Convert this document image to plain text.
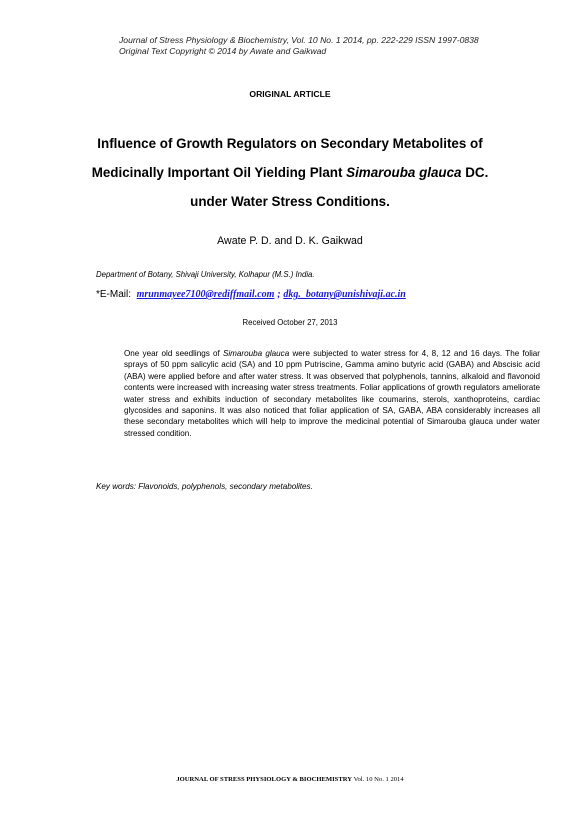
Journal of Stress Physiology & Biochemistry, Vol. 10 No. 1 2014, pp. 222-229 ISSN 1997-0838
Original Text Copyright © 2014 by Awate and Gaikwad
ORIGINAL ARTICLE
Influence of Growth Regulators on Secondary Metabolites of
Medicinally Important Oil Yielding Plant Simarouba glauca DC.
under Water Stress Conditions.
Awate P. D. and D. K. Gaikwad
Department of Botany, Shivaji University, Kolhapur (M.S.) India.
*E-Mail: mrunmayee7100@rediffmail.com ; dkg._botany@unishivaji.ac.in
Received October 27, 2013

One year old seedlings of Simarouba glauca were subjected to water stress for 4, 8, 12 and 16 days. The foliar sprays of 50 ppm salicylic acid (SA) and 10 ppm Putriscine, Gamma amino butyric acid (GABA) and Abscisic acid (ABA) were applied before and after water stress. It was observed that polyphenols, tannins, alkaloid and flavonoid contents were increased with increasing water stress treatments. Foliar applications of growth regulators ameliorate water stress and exhibits induction of secondary metabolites like coumarins, sterols, xanthoproteins, cardiac glycosides and saponins. It was also noticed that foliar application of SA, GABA, ABA considerably increases all these secondary metabolites which will help to improve the medicinal potential of Simarouba glauca under water stressed condition.

Key words: Flavonoids, polyphenols, secondary metabolites.
JOURNAL OF STRESS PHYSIOLOGY & BIOCHEMISTRY Vol. 10 No. 1 2014
